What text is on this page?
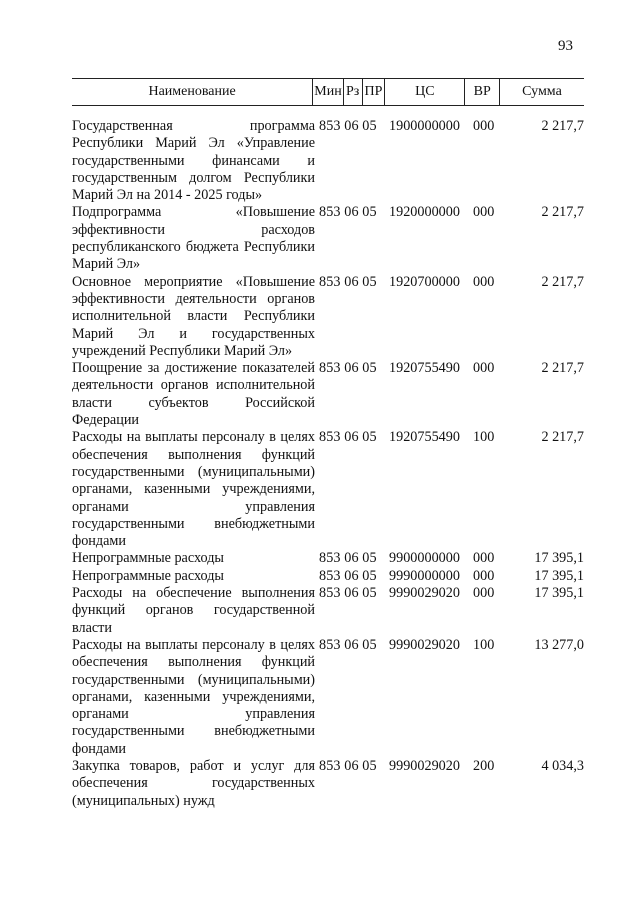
93
Наименование	Мин Рз ПР	ЦС	ВР	Сумма
Государственная программа Республики Марий Эл «Управление государственными финансами и государственным долгом Республики Марий Эл на 2014 - 2025 годы»
853 06 05 1900000000 000	2 217,7
Подпрограмма «Повышение эффективности расходов республиканского бюджета Республики Марий Эл»
853 06 05 1920000000 000	2 217,7
Основное мероприятие «Повышение эффективности деятельности органов исполнительной власти Республики Марий Эл и государственных учреждений Республики Марий Эл»
853 06 05 1920700000 000	2 217,7
Поощрение за достижение показателей деятельности органов исполнительной власти субъектов Российской Федерации
853 06 05 1920755490 000	2 217,7
Расходы на выплаты персоналу в целях обеспечения выполнения функций государственными (муниципальными) органами, казенными учреждениями, органами управления государственными внебюджетными фондами
853 06 05 1920755490 100	2 217,7
Непрограммные расходы	853 06 05 9900000000 000	17 395,1
Непрограммные расходы	853 06 05 9990000000 000	17 395,1
Расходы на обеспечение выполнения функций органов государственной власти
853 06 05 9990029020 000	17 395,1
Расходы на выплаты персоналу в целях обеспечения выполнения функций государственными (муниципальными) органами, казенными учреждениями, органами управления государственными внебюджетными фондами
853 06 05 9990029020 100	13 277,0
Закупка товаров, работ и услуг для обеспечения государственных (муниципальных) нужд
853 06 05 9990029020 200	4 034,3
